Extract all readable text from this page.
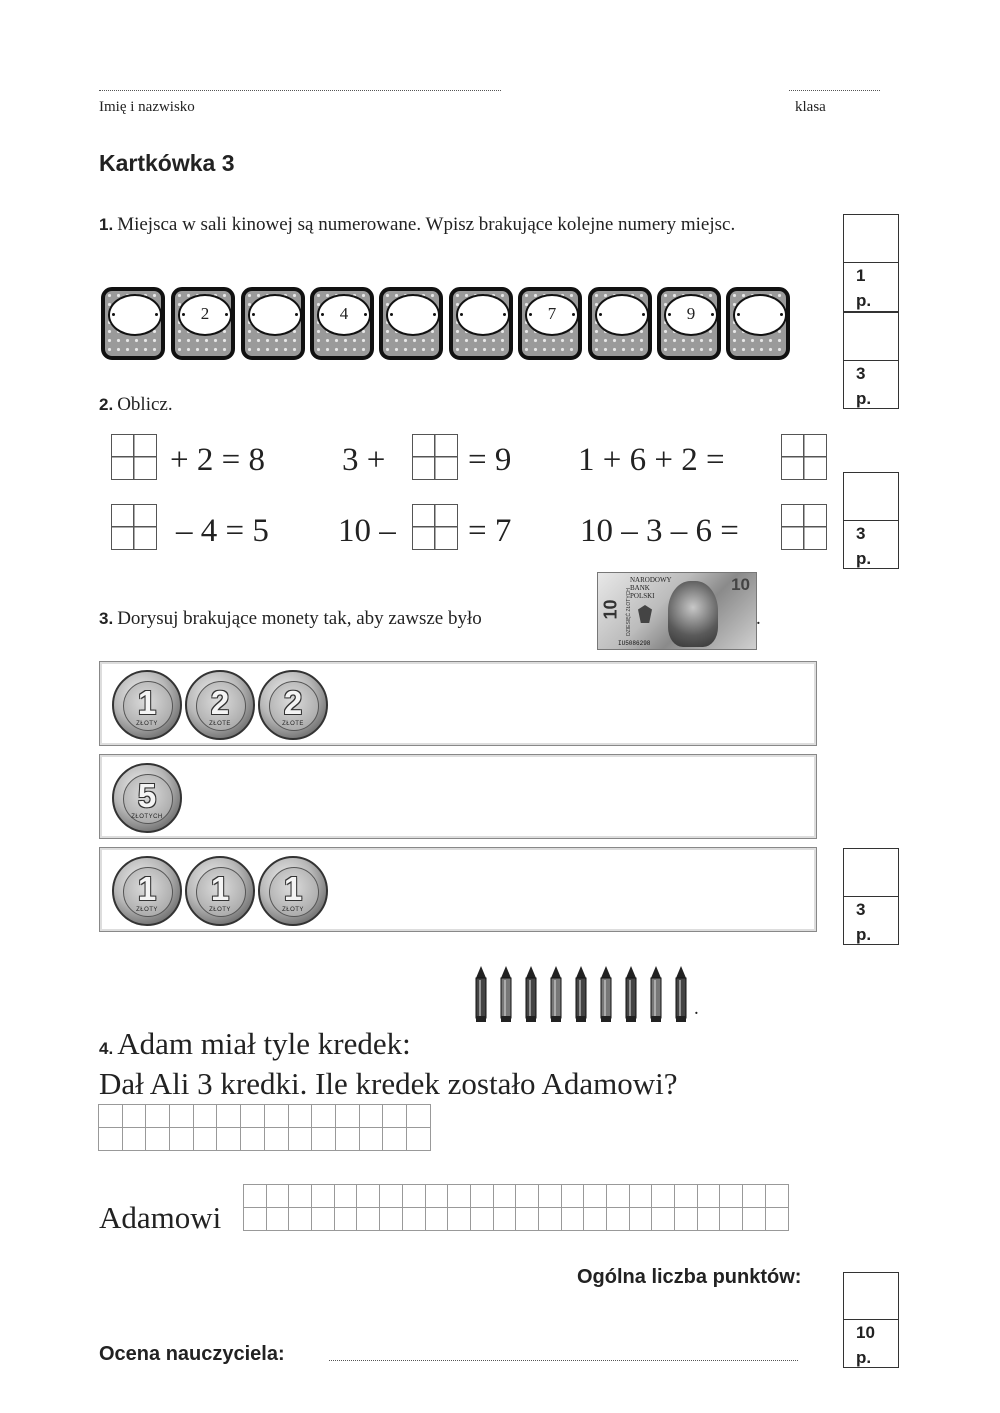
Imię i nazwisko	klasa
Kartkówka 3
1. Miejsca w sali kinowej są numerowane. Wpisz brakujące kolejne numery miejsc.
2	4	7	9
1 p.
3 p.
3 p.
3 p.
10 p.
2. Oblicz.
+ 2 = 8 3 +	= 9 1 + 6 + 2 =
– 4 = 5 10 – = 7 10 – 3 – 6 =
3. Dorysuj brakujące monety tak, aby zawsze było	10 DZIESIĘĆ ZŁOTYCH
NARODOWY BANK POLSKI
10
IU5086298
.
1
ZŁOTY
2
ZŁOTE
2
ZŁOTE
5
ZŁOTYCH
1
ZŁOTY
1
ZŁOTY
1
ZŁOTY
.
4. Adam miał tyle kredek:
Dał Ali 3 kredki. Ile kredek zostało Adamowi?

Adamowi

Ogólna liczba punktów:
Ocena nauczyciela:
